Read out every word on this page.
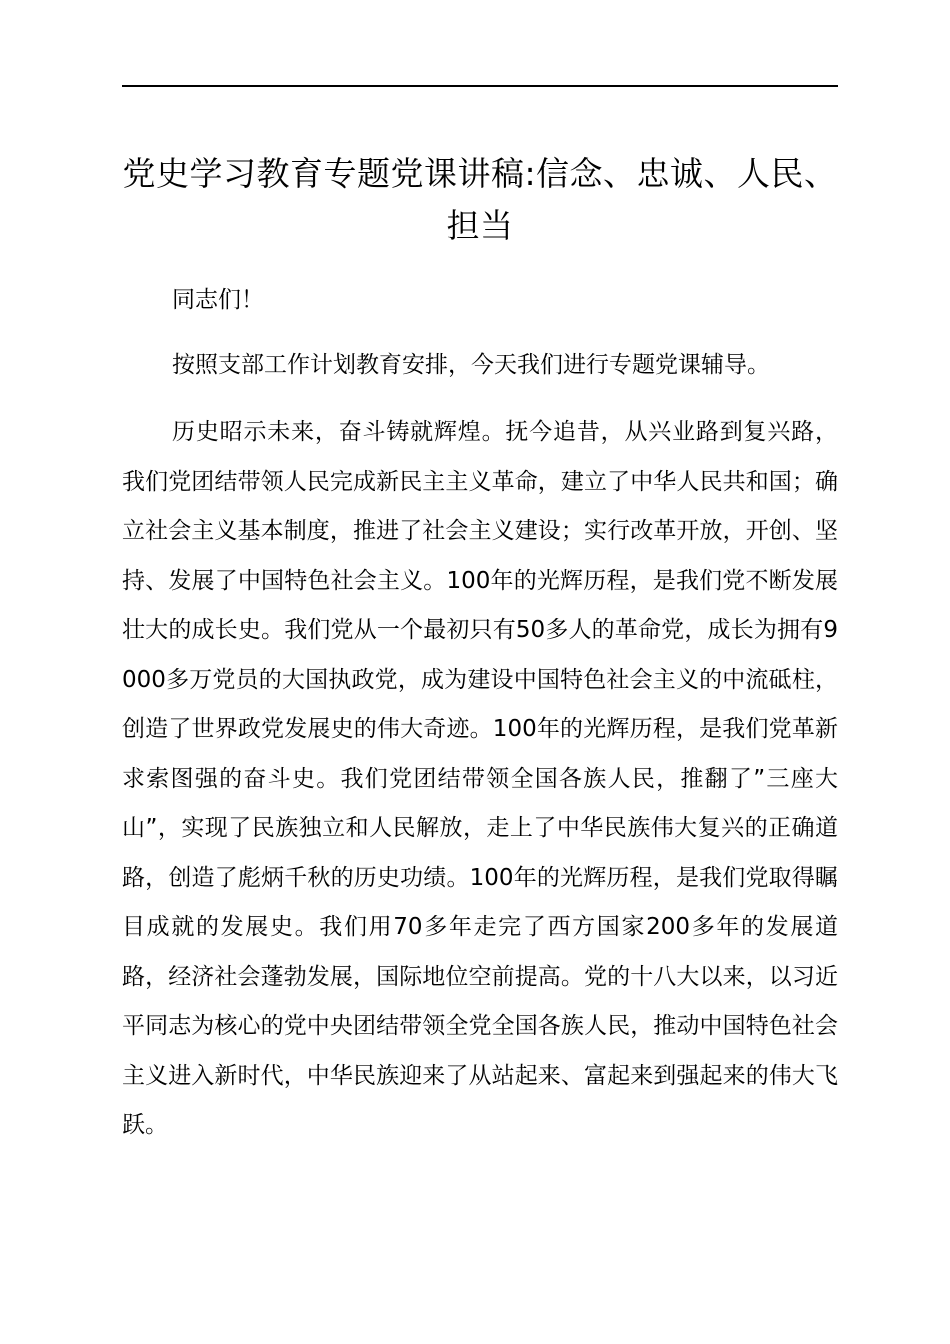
党史学习教育专题党课讲稿:信念、忠诚、人民、担当

同志们！

按照支部工作计划教育安排，今天我们进行专题党课辅导。

历史昭示未来，奋斗铸就辉煌。抚今追昔，从兴业路到复兴路，我们党团结带领人民完成新民主主义革命，建立了中华人民共和国；确立社会主义基本制度，推进了社会主义建设；实行改革开放，开创、坚持、发展了中国特色社会主义。100年的光辉历程，是我们党不断发展壮大的成长史。我们党从一个最初只有50多人的革命党，成长为拥有9000多万党员的大国执政党，成为建设中国特色社会主义的中流砥柱，创造了世界政党发展史的伟大奇迹。100年的光辉历程，是我们党革新求索图强的奋斗史。我们党团结带领全国各族人民，推翻了”三座大山”，实现了民族独立和人民解放，走上了中华民族伟大复兴的正确道路，创造了彪炳千秋的历史功绩。100年的光辉历程，是我们党取得瞩目成就的发展史。我们用70多年走完了西方国家200多年的发展道路，经济社会蓬勃发展，国际地位空前提高。党的十八大以来，以习近平同志为核心的党中央团结带领全党全国各族人民，推动中国特色社会主义进入新时代，中华民族迎来了从站起来、富起来到强起来的伟大飞跃。
